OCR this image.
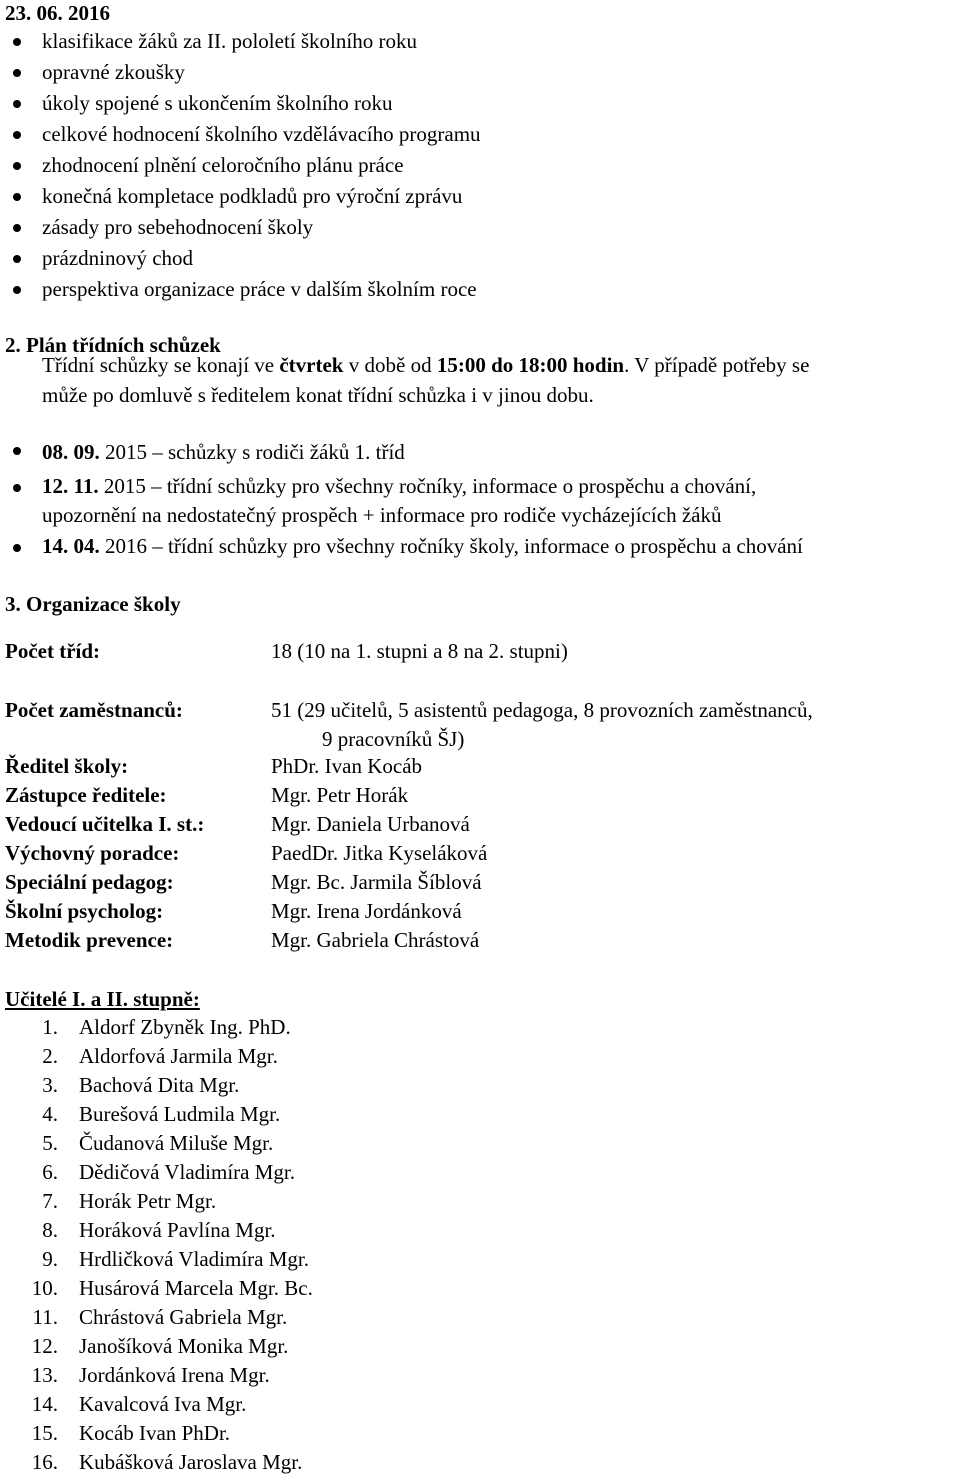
23. 06. 2016
klasifikace žáků za II. pololetí školního roku
opravné zkoušky
úkoly spojené s ukončením školního roku
celkové hodnocení školního vzdělávacího programu
zhodnocení plnění celoročního plánu práce
konečná kompletace podkladů pro výroční zprávu
zásady pro sebehodnocení školy
prázdninový chod
perspektiva organizace práce v dalším školním roce
2. Plán třídních schůzek
Třídní schůzky se konají ve čtvrtek v době od 15:00 do 18:00 hodin. V případě potřeby se
může po domluvě s ředitelem konat třídní schůzka i v jinou dobu.
08. 09. 2015 – schůzky s rodiči žáků 1. tříd
12. 11. 2015 – třídní schůzky pro všechny ročníky, informace o prospěchu a chování,
upozornění na nedostatečný prospěch + informace pro rodiče vycházejících žáků
14. 04. 2016 – třídní schůzky pro všechny ročníky školy, informace o prospěchu a chování
3. Organizace školy
Počet tříd:	18 (10 na 1. stupni a 8 na 2. stupni)
Počet zaměstnanců:	51 (29 učitelů, 5 asistentů pedagoga, 8 provozních zaměstnanců,
9 pracovníků ŠJ)
Ředitel školy:	PhDr. Ivan Kocáb
Zástupce ředitele:	Mgr. Petr Horák
Vedoucí učitelka I. st.:	Mgr. Daniela Urbanová
Výchovný poradce:	PaedDr. Jitka Kyseláková
Speciální pedagog:	Mgr. Bc. Jarmila Šíblová
Školní psycholog:	Mgr. Irena Jordánková
Metodik prevence:	Mgr. Gabriela Chrástová
Učitelé I. a II. stupně:
1. Aldorf Zbyněk Ing. PhD.
2. Aldorfová Jarmila Mgr.
3. Bachová Dita Mgr.
4. Burešová Ludmila Mgr.
5. Čudanová Miluše Mgr.
6. Dědičová Vladimíra Mgr.
7. Horák Petr Mgr.
8. Horáková Pavlína Mgr.
9. Hrdličková Vladimíra Mgr.
10. Husárová Marcela Mgr. Bc.
11. Chrástová Gabriela Mgr.
12. Janošíková Monika Mgr.
13. Jordánková Irena Mgr.
14. Kavalcová Iva Mgr.
15. Kocáb Ivan PhDr.
16. Kubášková Jaroslava Mgr.
